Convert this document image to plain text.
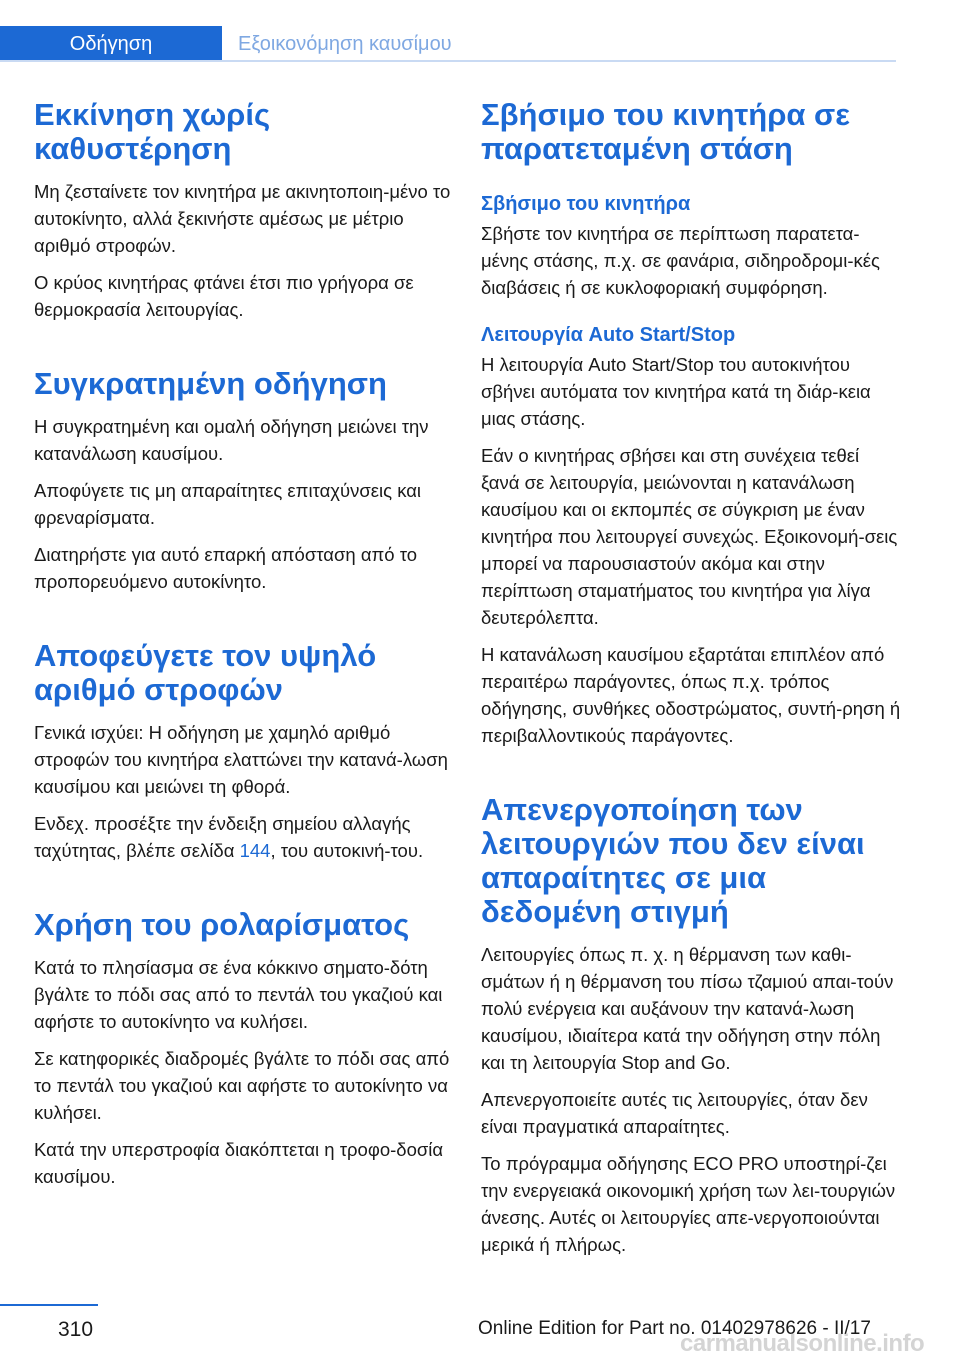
Οδήγηση	Εξοικονόμηση καυσίμου
Εκκίνηση χωρίς καθυστέρηση

Μη ζεσταίνετε τον κινητήρα με ακινητοποιη‐μένο το αυτοκίνητο, αλλά ξεκινήστε αμέσως με μέτριο αριθμό στροφών.

Ο κρύος κινητήρας φτάνει έτσι πιο γρήγορα σε θερμοκρασία λειτουργίας.

Συγκρατημένη οδήγηση

Η συγκρατημένη και ομαλή οδήγηση μειώνει την κατανάλωση καυσίμου.

Αποφύγετε τις μη απαραίτητες επιταχύνσεις και φρεναρίσματα.

Διατηρήστε για αυτό επαρκή απόσταση από το προπορευόμενο αυτοκίνητο.

Αποφεύγετε τον υψηλό αριθμό στροφών

Γενικά ισχύει: Η οδήγηση με χαμηλό αριθμό στροφών του κινητήρα ελαττώνει την κατανά‐λωση καυσίμου και μειώνει τη φθορά.

Ενδεχ. προσέξτε την ένδειξη σημείου αλλαγής ταχύτητας, βλέπε σελίδα 144, του αυτοκινή‐του.

Χρήση του ρολαρίσματος

Κατά το πλησίασμα σε ένα κόκκινο σηματο‐δότη βγάλτε το πόδι σας από το πεντάλ του γκαζιού και αφήστε το αυτοκίνητο να κυλήσει.

Σε κατηφορικές διαδρομές βγάλτε το πόδι σας από το πεντάλ του γκαζιού και αφήστε το αυτοκίνητο να κυλήσει.

Κατά την υπερστροφία διακόπτεται η τροφο‐δοσία καυσίμου.

Σβήσιμο του κινητήρα σε παρατεταμένη στάση
Σβήσιμο του κινητήρα

Σβήστε τον κινητήρα σε περίπτωση παρατετα‐μένης στάσης, π.χ. σε φανάρια, σιδηροδρομι‐κές διαβάσεις ή σε κυκλοφοριακή συμφόρηση.

Λειτουργία Auto Start/Stop

Η λειτουργία Auto Start/Stop του αυτοκινήτου σβήνει αυτόματα τον κινητήρα κατά τη διάρ‐κεια μιας στάσης.

Εάν ο κινητήρας σβήσει και στη συνέχεια τεθεί ξανά σε λειτουργία, μειώνονται η κατανάλωση καυσίμου και οι εκπομπές σε σύγκριση με έναν κινητήρα που λειτουργεί συνεχώς. Εξοικονομή‐σεις μπορεί να παρουσιαστούν ακόμα και στην περίπτωση σταματήματος του κινητήρα για λίγα δευτερόλεπτα.

Η κατανάλωση καυσίμου εξαρτάται επιπλέον από περαιτέρω παράγοντες, όπως π.χ. τρόπος οδήγησης, συνθήκες οδοστρώματος, συντή‐ρηση ή περιβαλλοντικούς παράγοντες.

Απενεργοποίηση των λειτουργιών που δεν είναι απαραίτητες σε μια δεδομένη στιγμή

Λειτουργίες όπως π. χ. η θέρμανση των καθι‐σμάτων ή η θέρμανση του πίσω τζαμιού απαι‐τούν πολύ ενέργεια και αυξάνουν την κατανά‐λωση καυσίμου, ιδιαίτερα κατά την οδήγηση στην πόλη και τη λειτουργία Stop and Go.

Απενεργοποιείτε αυτές τις λειτουργίες, όταν δεν είναι πραγματικά απαραίτητες.

Το πρόγραμμα οδήγησης ECO PRO υποστηρί‐ζει την ενεργειακά οικονομική χρήση των λει‐τουργιών άνεσης. Αυτές οι λειτουργίες απε‐νεργοποιούνται μερικά ή πλήρως.

310	Online Edition for Part no. 01402978626 - II/17
carmanualsonline.info
